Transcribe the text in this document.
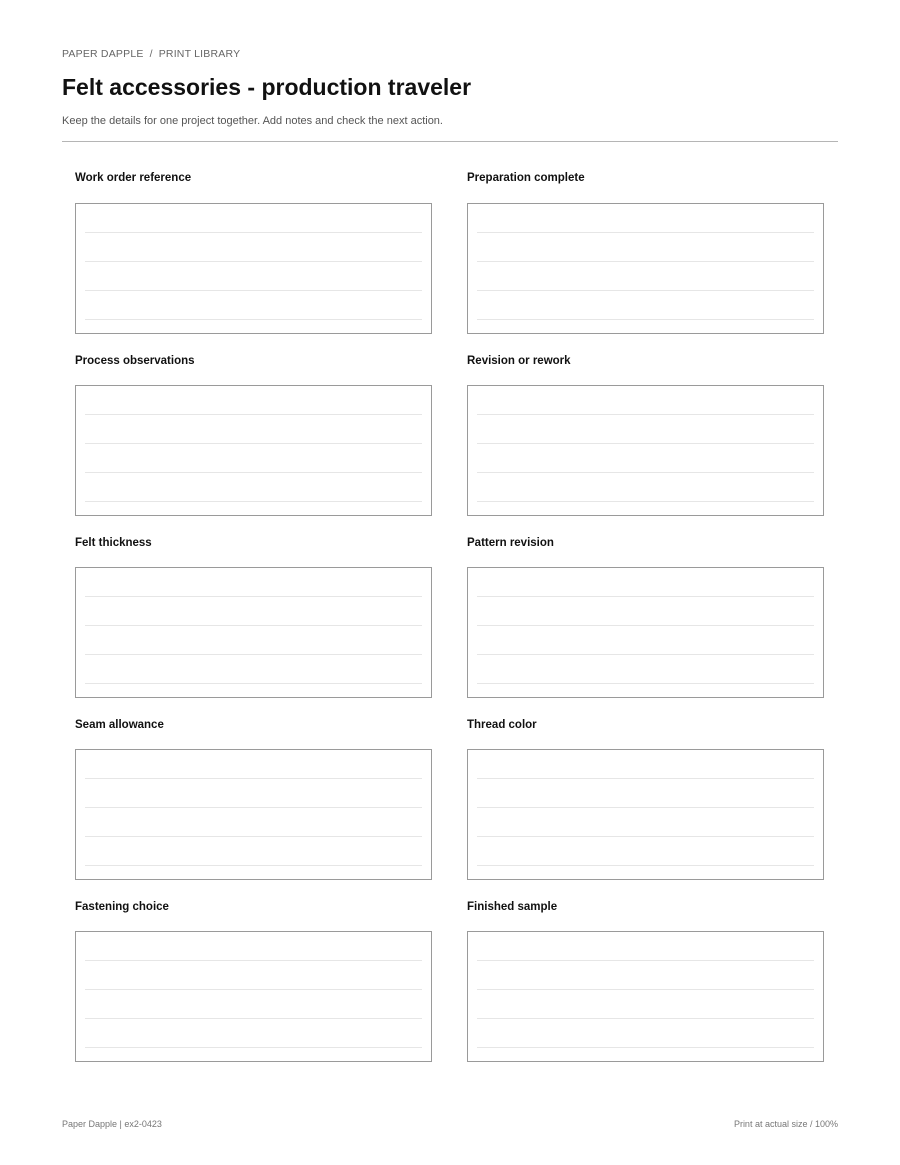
PAPER DAPPLE / PRINT LIBRARY
Felt accessories - production traveler
Keep the details for one project together. Add notes and check the next action.
Work order reference	Preparation complete
Process observations	Revision or rework
Felt thickness	Pattern revision
Seam allowance	Thread color
Fastening choice	Finished sample
Paper Dapple | ex2-0423	Print at actual size / 100%
